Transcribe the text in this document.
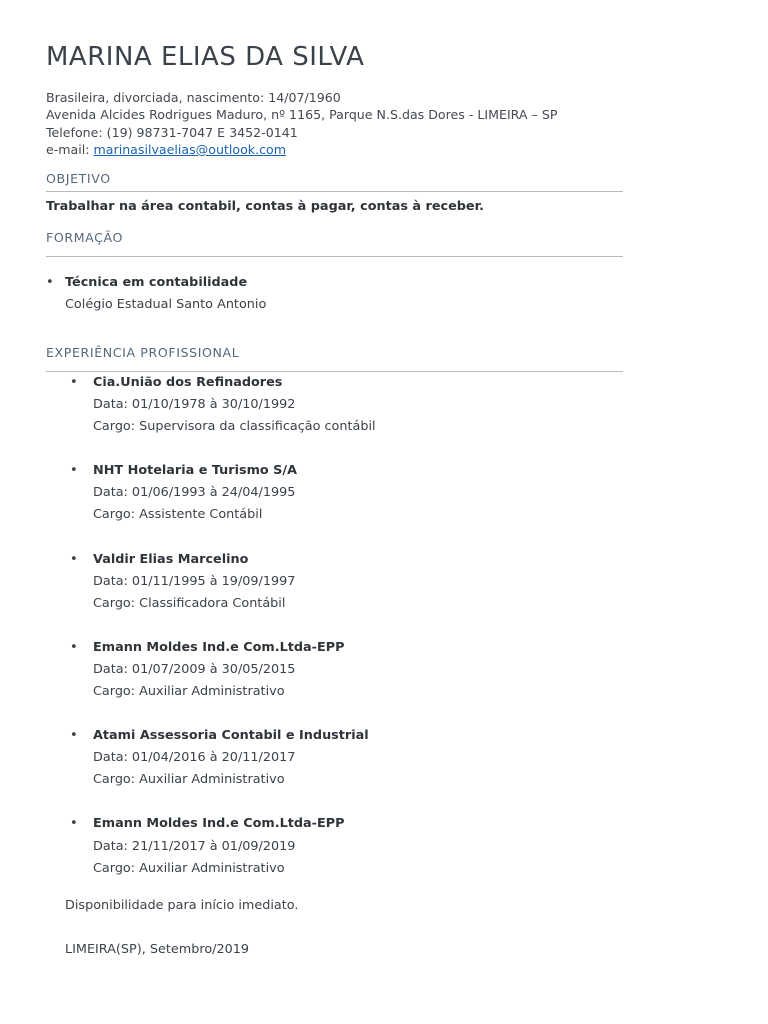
MARINA ELIAS DA SILVA
Brasileira, divorciada, nascimento: 14/07/1960
Avenida Alcides Rodrigues Maduro, nº 1165, Parque N.S.das Dores - LIMEIRA – SP
Telefone: (19) 98731-7047 E 3452-0141
e-mail: marinasilvaelias@outlook.com
OBJETIVO
Trabalhar na área contabil, contas à pagar, contas à receber.
FORMAÇÃO
• Técnica em contabilidade
Colégio Estadual Santo Antonio
EXPERIÊNCIA PROFISSIONAL
• Cia.União dos Refinadores
Data: 01/10/1978 à 30/10/1992
Cargo: Supervisora da classificação contábil
• NHT Hotelaria e Turismo S/A
Data: 01/06/1993 à 24/04/1995
Cargo: Assistente Contábil
• Valdir Elias Marcelino
Data: 01/11/1995 à 19/09/1997
Cargo: Classificadora Contábil
• Emann Moldes Ind.e Com.Ltda-EPP
Data: 01/07/2009 à 30/05/2015
Cargo: Auxiliar Administrativo
• Atami Assessoria Contabil e Industrial
Data: 01/04/2016 à 20/11/2017
Cargo: Auxiliar Administrativo
• Emann Moldes Ind.e Com.Ltda-EPP
Data: 21/11/2017 à 01/09/2019
Cargo: Auxiliar Administrativo
Disponibilidade para início imediato.
LIMEIRA(SP), Setembro/2019
